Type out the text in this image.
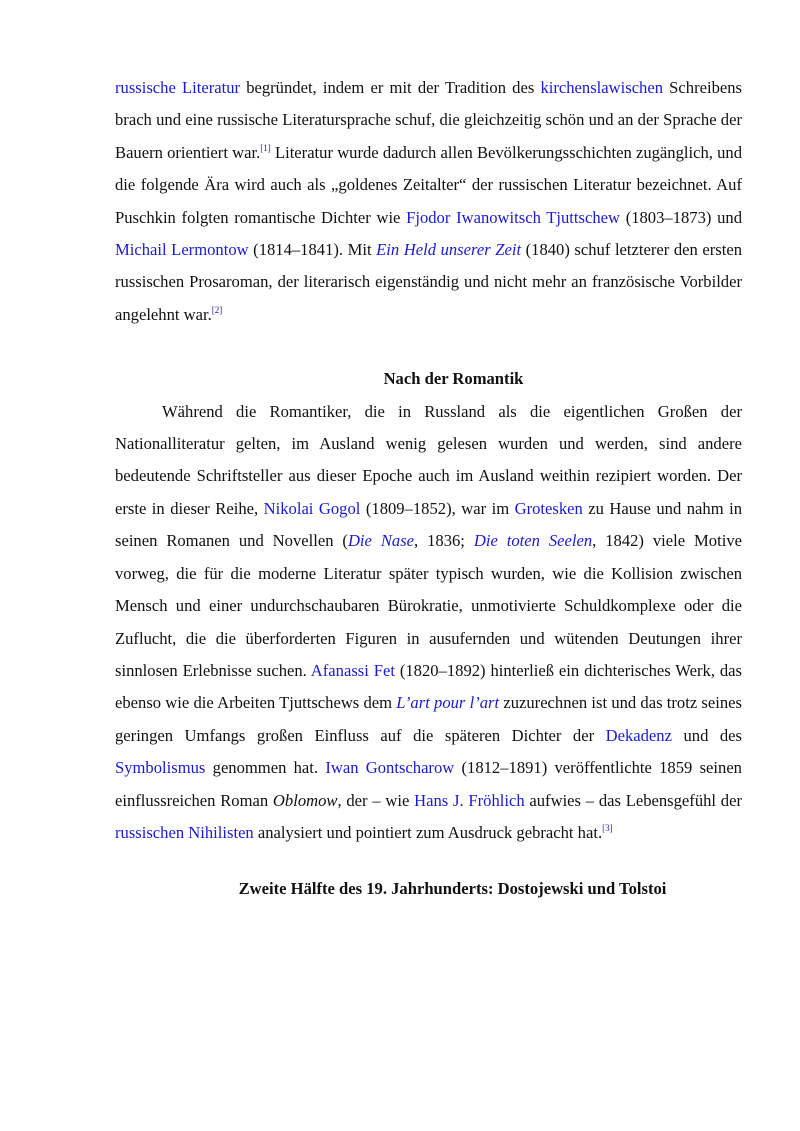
russische Literatur begründet, indem er mit der Tradition des kirchenslawischen Schreibens brach und eine russische Literatursprache schuf, die gleichzeitig schön und an der Sprache der Bauern orientiert war.[1] Literatur wurde dadurch allen Bevölkerungsschichten zugänglich, und die folgende Ära wird auch als „goldenes Zeitalter“ der russischen Literatur bezeichnet. Auf Puschkin folgten romantische Dichter wie Fjodor Iwanowitsch Tjuttschew (1803–1873) und Michail Lermontow (1814–1841). Mit Ein Held unserer Zeit (1840) schuf letzterer den ersten russischen Prosaroman, der literarisch eigenständig und nicht mehr an französische Vorbilder angelehnt war.[2]

Nach der Romantik

Während die Romantiker, die in Russland als die eigentlichen Großen der Nationalliteratur gelten, im Ausland wenig gelesen wurden und werden, sind andere bedeutende Schriftsteller aus dieser Epoche auch im Ausland weithin rezipiert worden. Der erste in dieser Reihe, Nikolai Gogol (1809–1852), war im Grotesken zu Hause und nahm in seinen Romanen und Novellen (Die Nase, 1836; Die toten Seelen, 1842) viele Motive vorweg, die für die moderne Literatur später typisch wurden, wie die Kollision zwischen Mensch und einer undurchschaubaren Bürokratie, unmotivierte Schuldkomplexe oder die Zuflucht, die die überforderten Figuren in ausufernden und wütenden Deutungen ihrer sinnlosen Erlebnisse suchen. Afanassi Fet (1820–1892) hinterließ ein dichterisches Werk, das ebenso wie die Arbeiten Tjuttschews dem L’art pour l’art zuzurechnen ist und das trotz seines geringen Umfangs großen Einfluss auf die späteren Dichter der Dekadenz und des Symbolismus genommen hat. Iwan Gontscharow (1812–1891) veröffentlichte 1859 seinen einflussreichen Roman Oblomow, der – wie Hans J. Fröhlich aufwies – das Lebensgefühl der russischen Nihilisten analysiert und pointiert zum Ausdruck gebracht hat.[3]

Zweite Hälfte des 19. Jahrhunderts: Dostojewski und Tolstoi
